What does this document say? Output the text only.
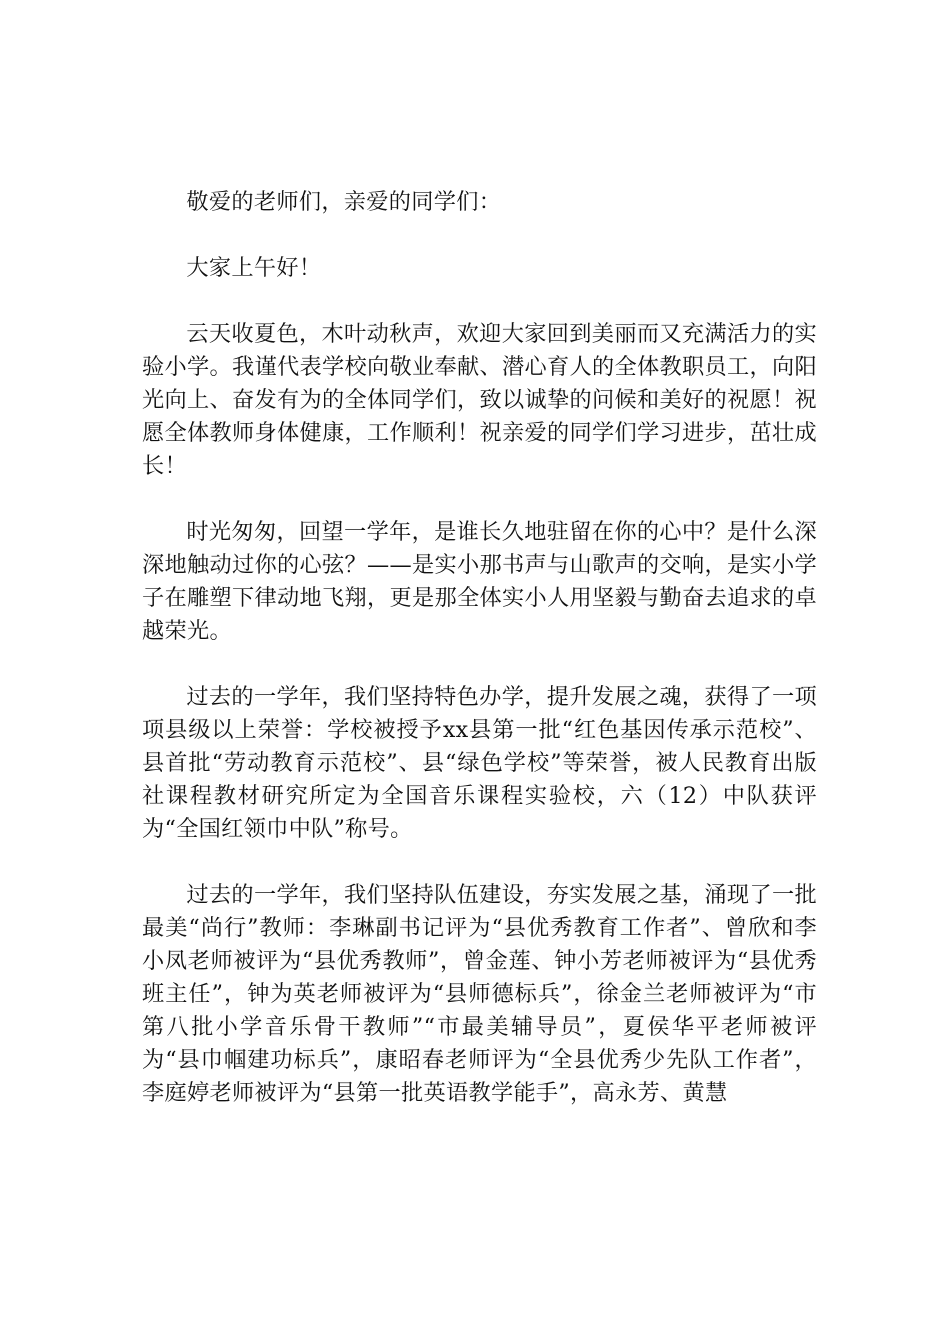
敬爱的老师们，亲爱的同学们：

大家上午好！

云天收夏色，木叶动秋声，欢迎大家回到美丽而又充满活力的实验小学。我谨代表学校向敬业奉献、潜心育人的全体教职员工，向阳光向上、奋发有为的全体同学们，致以诚挚的问候和美好的祝愿！祝愿全体教师身体健康，工作顺利！祝亲爱的同学们学习进步，茁壮成长！

时光匆匆，回望一学年，是谁长久地驻留在你的心中？是什么深深地触动过你的心弦？——是实小那书声与山歌声的交响，是实小学子在雕塑下律动地飞翔，更是那全体实小人用坚毅与勤奋去追求的卓越荣光。

过去的一学年，我们坚持特色办学，提升发展之魂，获得了一项项县级以上荣誉：学校被授予xx县第一批“红色基因传承示范校”、县首批“劳动教育示范校”、县“绿色学校”等荣誉，被人民教育出版社课程教材研究所定为全国音乐课程实验校，六（12）中队获评为“全国红领巾中队”称号。

过去的一学年，我们坚持队伍建设，夯实发展之基，涌现了一批最美“尚行”教师：李琳副书记评为“县优秀教育工作者”、曾欣和李小凤老师被评为“县优秀教师”，曾金莲、钟小芳老师被评为“县优秀班主任”，钟为英老师被评为“县师德标兵”，徐金兰老师被评为“市第八批小学音乐骨干教师”“市最美辅导员”，夏侯华平老师被评为“县巾帼建功标兵”，康昭春老师评为“全县优秀少先队工作者”，李庭婷老师被评为“县第一批英语教学能手”，高永芳、黄慧
